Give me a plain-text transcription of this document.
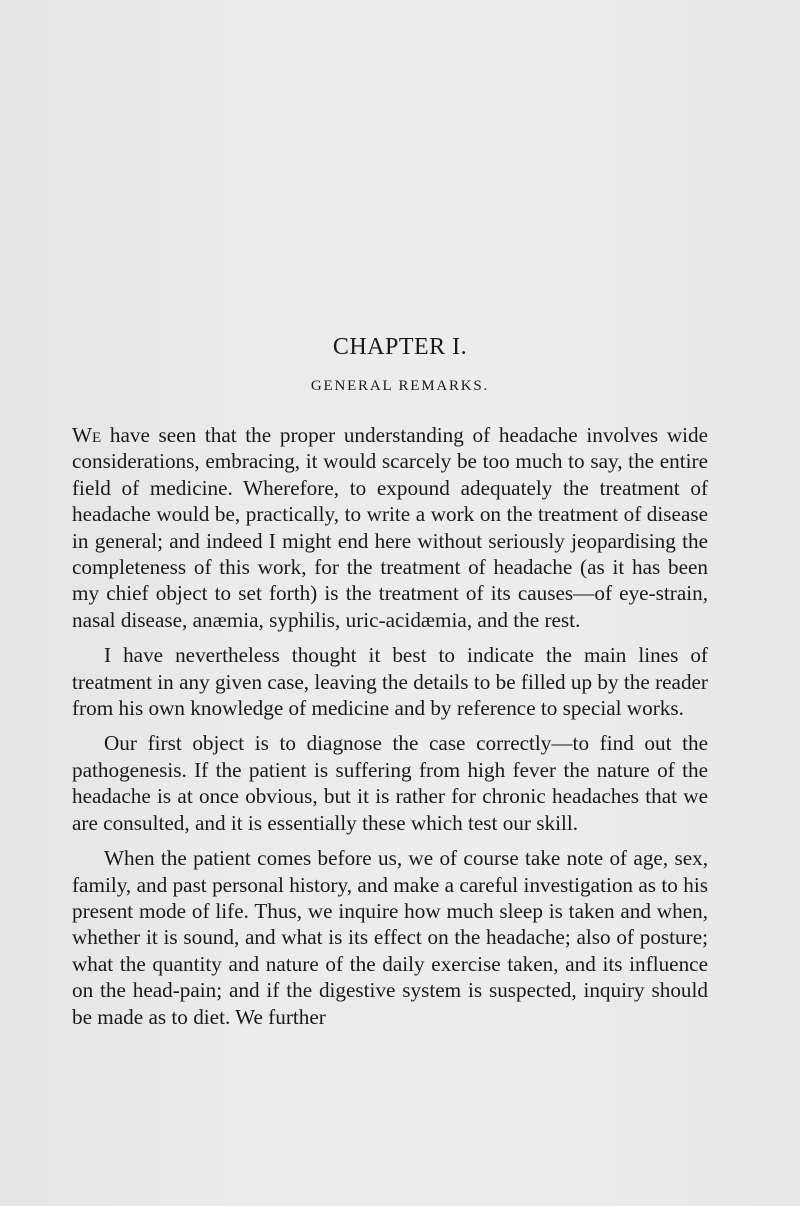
CHAPTER I.
GENERAL REMARKS.

We have seen that the proper understanding of headache involves wide considerations, embracing, it would scarcely be too much to say, the entire field of medicine. Wherefore, to expound adequately the treatment of headache would be, practically, to write a work on the treatment of disease in general; and indeed I might end here without seriously jeopardising the completeness of this work, for the treatment of headache (as it has been my chief object to set forth) is the treatment of its causes—of eye-strain, nasal disease, anæmia, syphilis, uric-acidæmia, and the rest.

I have nevertheless thought it best to indicate the main lines of treatment in any given case, leaving the details to be filled up by the reader from his own knowledge of medicine and by reference to special works.

Our first object is to diagnose the case correctly—to find out the pathogenesis. If the patient is suffering from high fever the nature of the headache is at once obvious, but it is rather for chronic headaches that we are consulted, and it is essentially these which test our skill.

When the patient comes before us, we of course take note of age, sex, family, and past personal history, and make a careful investigation as to his present mode of life. Thus, we inquire how much sleep is taken and when, whether it is sound, and what is its effect on the headache; also of posture; what the quantity and nature of the daily exercise taken, and its influence on the head-pain; and if the digestive system is suspected, inquiry should be made as to diet. We further
